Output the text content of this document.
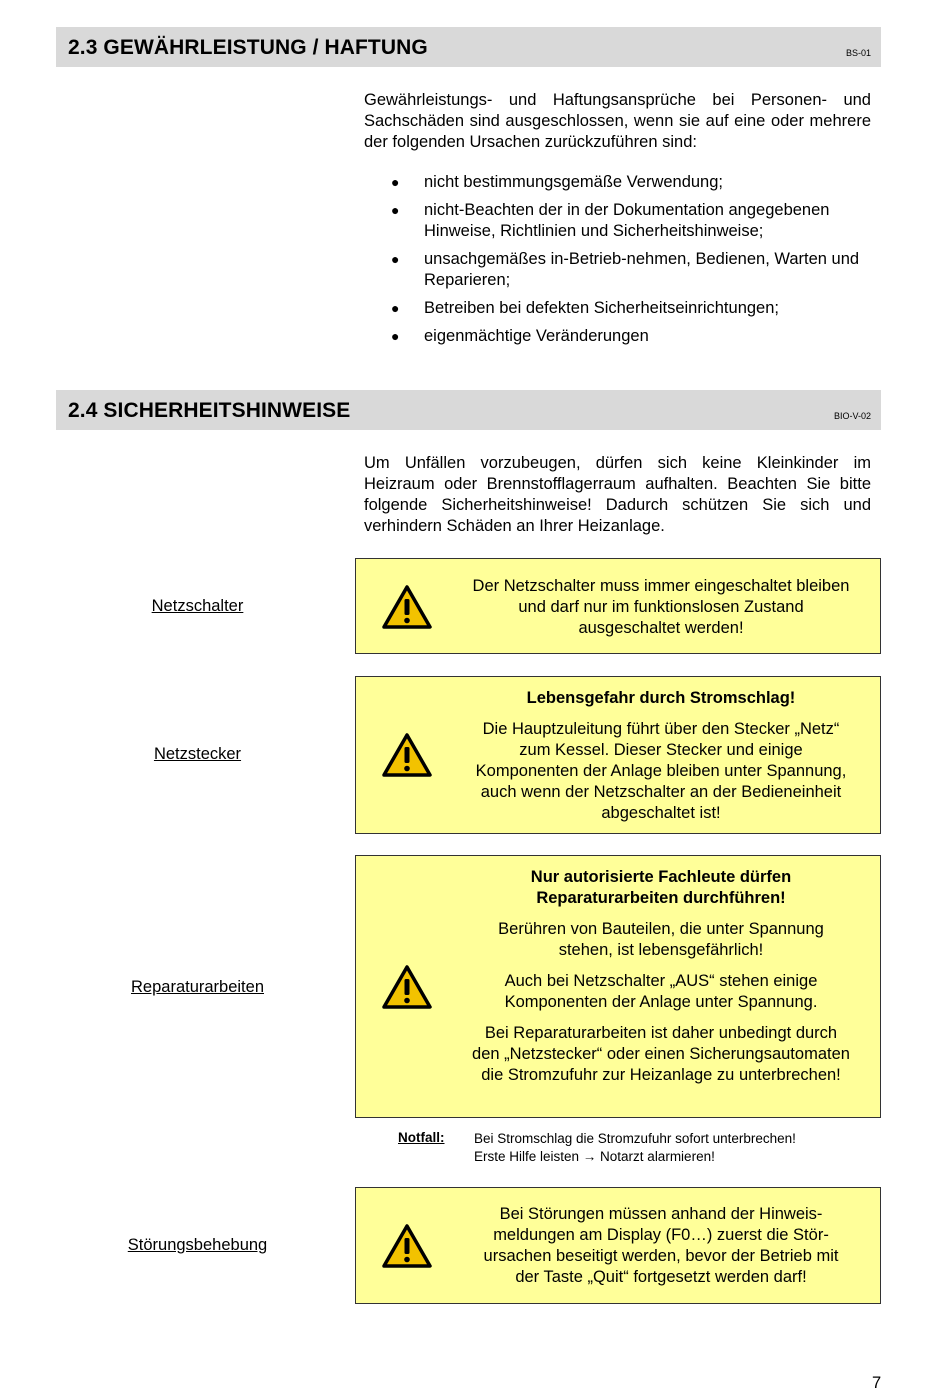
2.3 GEWÄHRLEISTUNG / HAFTUNG	BS-01
Gewährleistungs- und Haftungsansprüche bei Personen- und Sachschäden sind ausgeschlossen, wenn sie auf eine oder mehrere der folgenden Ursachen zurückzuführen sind:
● nicht bestimmungsgemäße Verwendung;
● nicht-Beachten der in der Dokumentation angegebenen Hinweise, Richtlinien und Sicherheitshinweise;
● unsachgemäßes in-Betrieb-nehmen, Bedienen, Warten und Reparieren;
● Betreiben bei defekten Sicherheitseinrichtungen;
● eigenmächtige Veränderungen
2.4 SICHERHEITSHINWEISE	BIO-V-02
Um Unfällen vorzubeugen, dürfen sich keine Kleinkinder im Heizraum oder Brennstofflagerraum aufhalten. Beachten Sie bitte folgende Sicherheitshinweise! Dadurch schützen Sie sich und verhindern Schäden an Ihrer Heizanlage.
Netzschalter

Der Netzschalter muss immer eingeschaltet bleiben und darf nur im funktionslosen Zustand ausgeschaltet werden!

Netzstecker

Lebensgefahr durch Stromschlag!

Die Hauptzuleitung führt über den Stecker „Netz“ zum Kessel. Dieser Stecker und einige Komponenten der Anlage bleiben unter Spannung, auch wenn der Netzschalter an der Bedieneinheit abgeschaltet ist!

Reparaturarbeiten

Nur autorisierte Fachleute dürfen Reparaturarbeiten durchführen!

Berühren von Bauteilen, die unter Spannung stehen, ist lebensgefährlich!

Auch bei Netzschalter „AUS“ stehen einige Komponenten der Anlage unter Spannung.

Bei Reparaturarbeiten ist daher unbedingt durch den „Netzstecker“ oder einen Sicherungsautomaten die Stromzufuhr zur Heizanlage zu unterbrechen!

Notfall: Bei Stromschlag die Stromzufuhr sofort unterbrechen!
Erste Hilfe leisten → Notarzt alarmieren!
Störungsbehebung

Bei Störungen müssen anhand der Hinweis-meldungen am Display (F0…) zuerst die Stör-ursachen beseitigt werden, bevor der Betrieb mit der Taste „Quit“ fortgesetzt werden darf!

7
